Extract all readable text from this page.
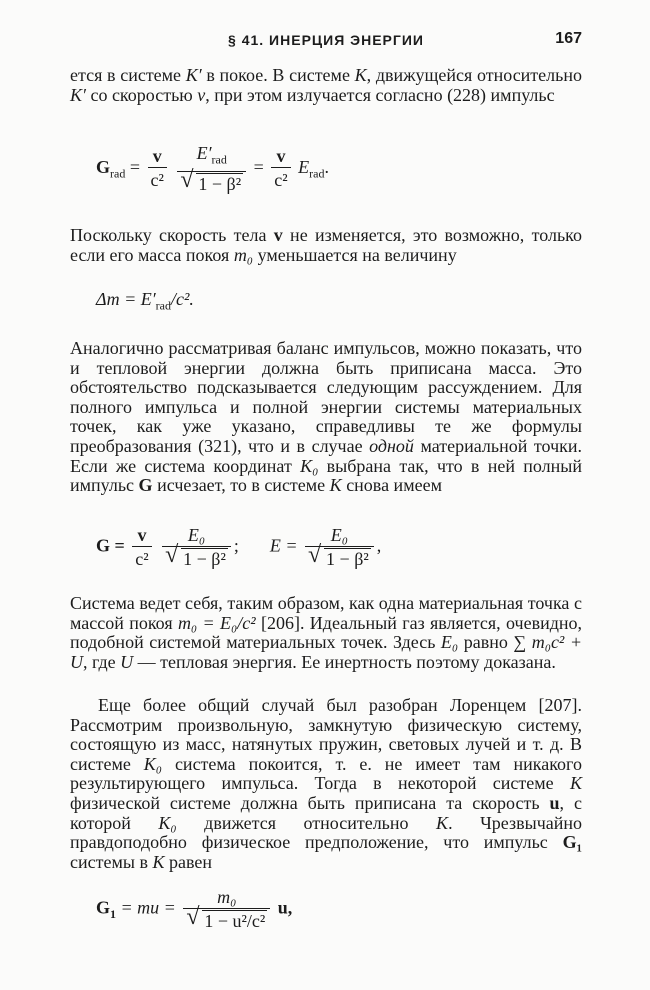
§ 41. ИНЕРЦИЯ ЭНЕРГИИ	167

ется в системе K′ в покое. В системе K, движущейся относительно K′ со скоростью v, при этом излучается согласно (228) импульс

$G_{rad} = \frac{v}{\text{c²}}$
$E'_{rad}$
√ $1 - \beta^2 = \frac{v}{\text{c²}} E_{rad}$.

Поскольку скорость тела v не изменяется, это возможно, только если его масса покоя m₀ уменьшается на величину

$\Delta m = E'_{rad}/c^2$.

Аналогично рассматривая баланс импульсов, можно показать, что и тепловой энергии должна быть приписана масса. Это обстоятельство подсказывается следующим рассуждением. Для полного импульса и полной энергии системы материальных точек, как уже указано, справедливы те же формулы преобразования (321), что и в случае одной материальной точки. Если же система координат K₀ выбрана так, что в ней полный импульс G исчезает, то в системе K снова имеем

$G = \frac{v}{\text{c²}}$
E₀
√ 1 − β² ; E = E₀
√ 1 − β² ,

Система ведет себя, таким образом, как одна материальная точка с массой покоя m₀ = E₀/c² [206]. Идеальный газ является, очевидно, подобной системой материальных точек. Здесь E₀ равно ∑ m₀c² + U, где U — тепловая энергия. Ее инертность поэтому доказана.

Еще более общий случай был разобран Лоренцем [207]. Рассмотрим произвольную, замкнутую физическую систему, состоящую из масс, натянутых пружин, световых лучей и т. д. В системе K₀ система покоится, т. е. не имеет там никакого результирующего импульса. Тогда в некоторой системе K физической системе должна быть приписана та скорость u, с которой K₀ движется относительно K. Чрезвычайно правдоподобно физическое предположение, что импульс G₁ системы в K равен

$G_1$ = mu = m₀
√ 1 − u²/c² u,
